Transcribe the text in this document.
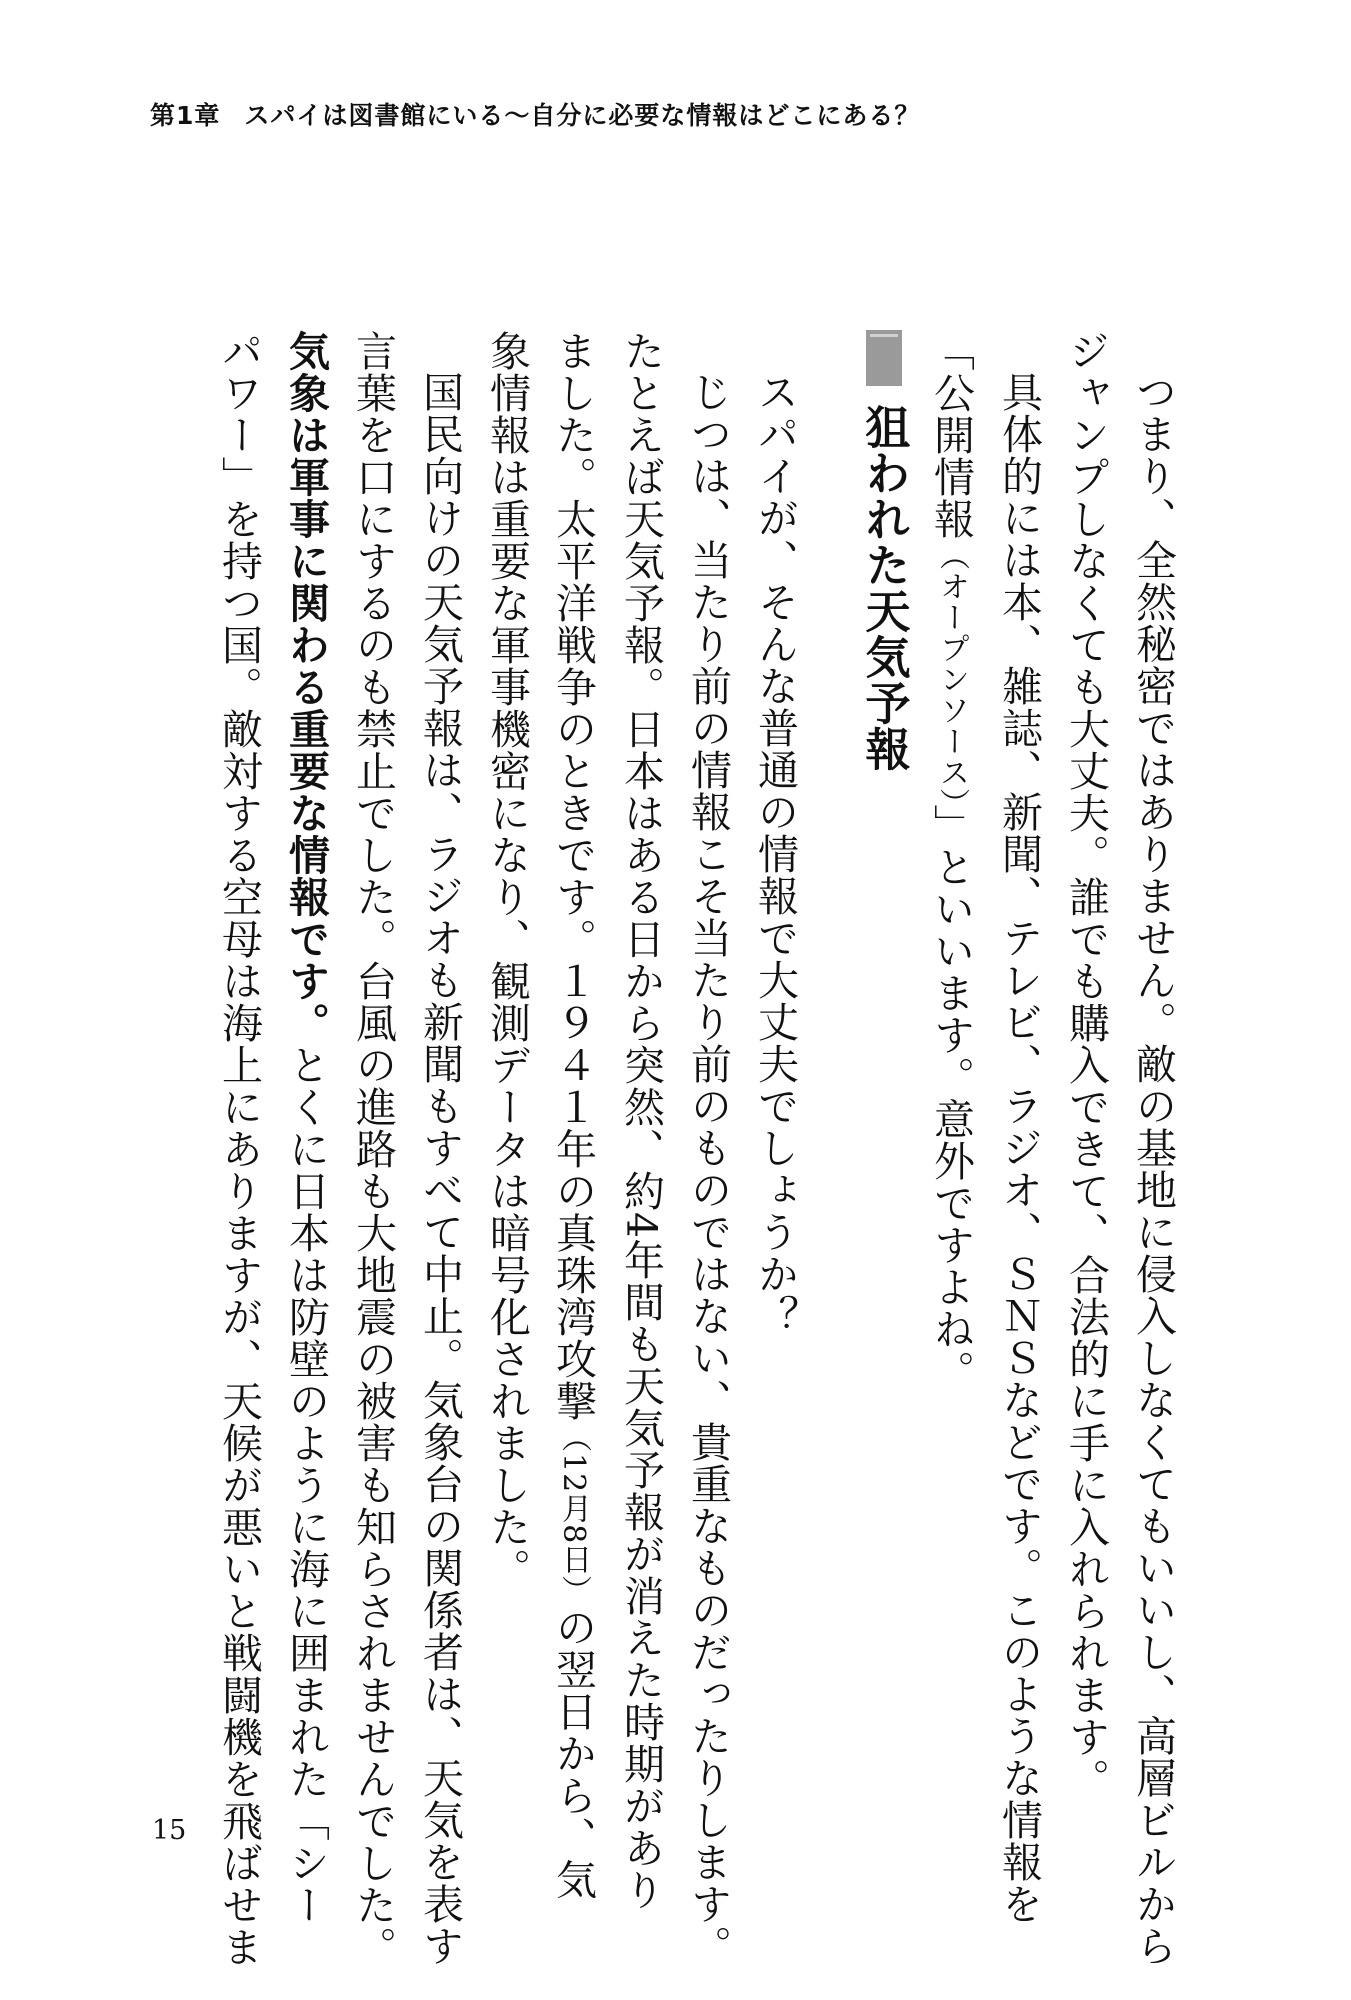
第1章 スパイは図書館にいる〜自分に必要な情報はどこにある？
つまり、全然秘密ではありません。敵の基地に侵入しなくてもいいし、高層ビルから
ジャンプしなくても大丈夫。誰でも購入できて、合法的に手に入れられます。
具体的には本、雑誌、新聞、テレビ、ラジオ、ＳＮＳなどです。このような情報を
「公開情報（オープンソース）」といいます。意外ですよね。
狙われた天気予報
スパイが、そんな普通の情報で大丈夫でしょうか？
じつは、当たり前の情報こそ当たり前のものではない、貴重なものだったりします。
たとえば天気予報。日本はある日から突然、約4年間も天気予報が消えた時期があり
ました。太平洋戦争のときです。１９４１年の真珠湾攻撃（12月8日）の翌日から、気
象情報は重要な軍事機密になり、観測データは暗号化されました。
国民向けの天気予報は、ラジオも新聞もすべて中止。気象台の関係者は、天気を表す
言葉を口にするのも禁止でした。台風の進路も大地震の被害も知らされませんでした。
気象は軍事に関わる重要な情報です。とくに日本は防壁のように海に囲まれた「シー
パワー」を持つ国。敵対する空母は海上にありますが、天候が悪いと戦闘機を飛ばせま
15
